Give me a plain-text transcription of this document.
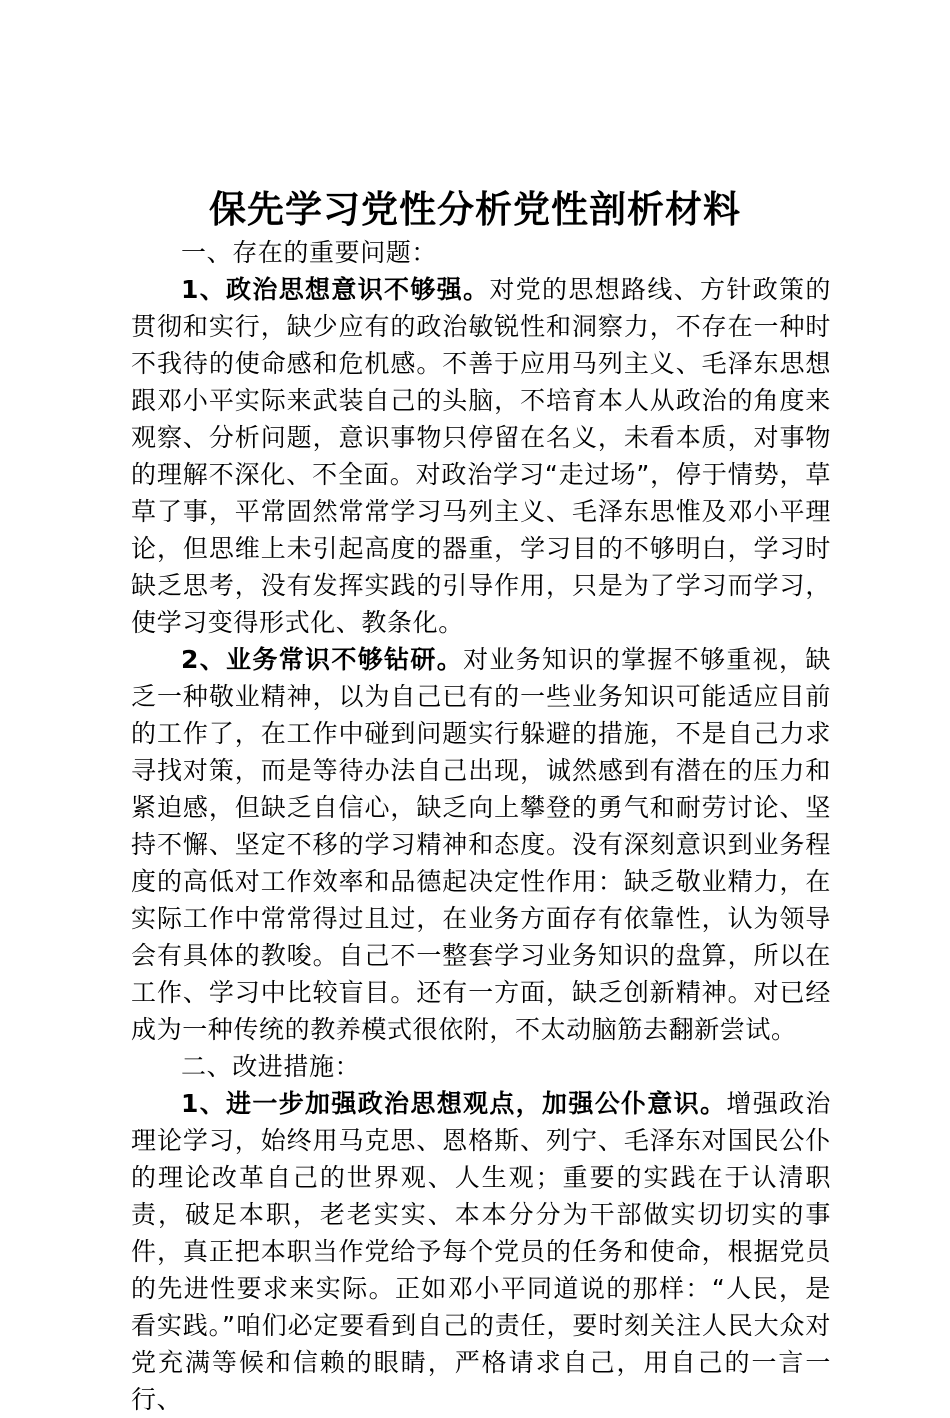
保先学习党性分析党性剖析材料

一、存在的重要问题：

1、政治思想意识不够强。对党的思想路线、方针政策的贯彻和实行，缺少应有的政治敏锐性和洞察力，不存在一种时不我待的使命感和危机感。不善于应用马列主义、毛泽东思想跟邓小平实际来武装自己的头脑，不培育本人从政治的角度来观察、分析问题，意识事物只停留在名义，未看本质，对事物的理解不深化、不全面。对政治学习“走过场”，停于情势，草草了事，平常固然常常学习马列主义、毛泽东思惟及邓小平理论，但思维上未引起高度的器重，学习目的不够明白，学习时缺乏思考，没有发挥实践的引导作用，只是为了学习而学习，使学习变得形式化、教条化。

2、业务常识不够钻研。对业务知识的掌握不够重视，缺乏一种敬业精神，以为自己已有的一些业务知识可能适应目前的工作了，在工作中碰到问题实行躲避的措施，不是自己力求寻找对策，而是等待办法自己出现，诚然感到有潜在的压力和紧迫感，但缺乏自信心，缺乏向上攀登的勇气和耐劳讨论、坚持不懈、坚定不移的学习精神和态度。没有深刻意识到业务程度的高低对工作效率和品德起决定性作用：缺乏敬业精力，在实际工作中常常得过且过，在业务方面存有依靠性，认为领导会有具体的教唆。自己不一整套学习业务知识的盘算，所以在工作、学习中比较盲目。还有一方面，缺乏创新精神。对已经成为一种传统的教养模式很依附，不太动脑筋去翻新尝试。

二、改进措施：

1、进一步加强政治思想观点，加强公仆意识。增强政治理论学习，始终用马克思、恩格斯、列宁、毛泽东对国民公仆的理论改革自己的世界观、人生观；重要的实践在于认清职责，破足本职，老老实实、本本分分为干部做实切切实的事件，真正把本职当作党给予每个党员的任务和使命，根据党员的先进性要求来实际。正如邓小平同道说的那样：“人民，是看实践。”咱们必定要看到自己的责任，要时刻关注人民大众对党充满等候和信赖的眼睛，严格请求自己，用自己的一言一行、
